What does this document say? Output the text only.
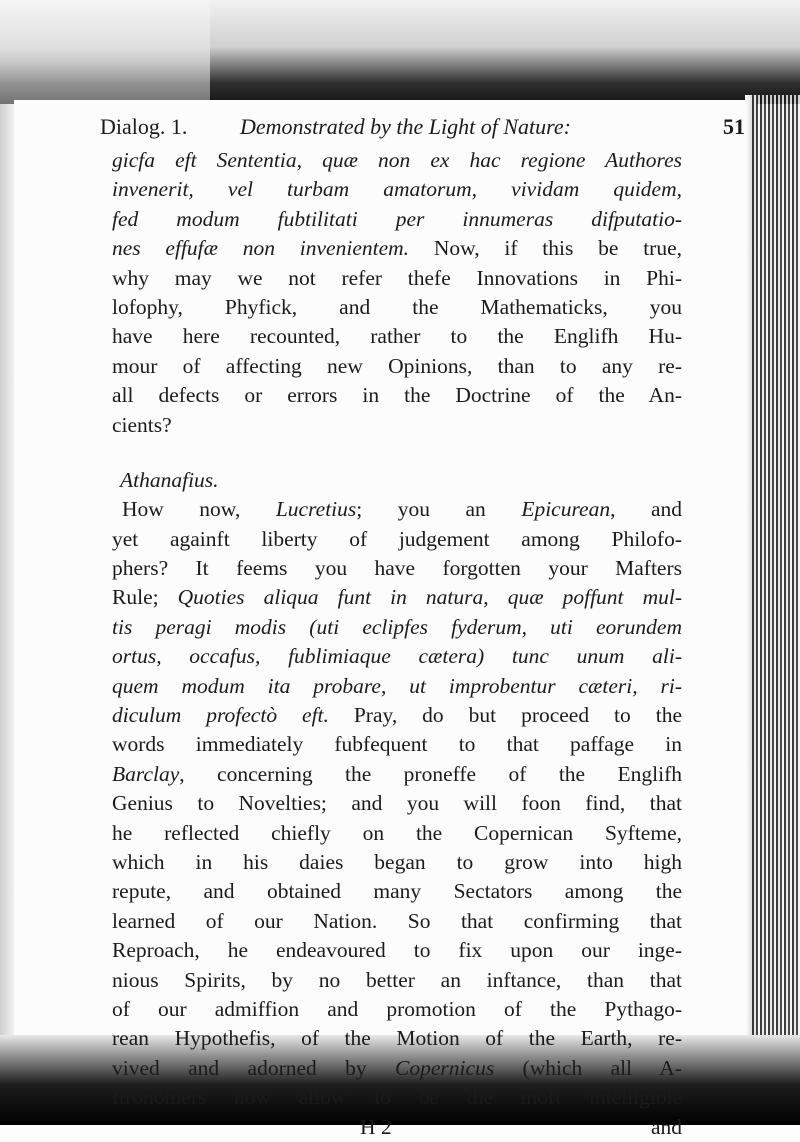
Dialog. 1. Demonstrated by the Light of Nature:	51
gicfa eft Sententia, quæ non ex hac regione Authores
invenerit, vel turbam amatorum, vividam quidem,
fed modum fubtilitati per innumeras difputatio-
nes effufæ non invenientem. Now, if this be true,
why may we not refer thefe Innovations in Phi-
lofophy, Phyfick, and the Mathematicks, you
have here recounted, rather to the Englifh Hu-
mour of affecting new Opinions, than to any re-
all defects or errors in the Doctrine of the An-
cients?
Athanafius.
How now, Lucretius; you an Epicurean, and
yet againft liberty of judgement among Philofo-
phers? It feems you have forgotten your Mafters
Rule; Quoties aliqua funt in natura, quæ poffunt mul-
tis peragi modis (uti eclipfes fyderum, uti eorundem
ortus, occafus, fublimiaque cætera) tunc unum ali-
quem modum ita probare, ut improbentur cæteri, ri-
diculum profectò eft. Pray, do but proceed to the
words immediately fubfequent to that paffage in
Barclay, concerning the proneffe of the Englifh
Genius to Novelties; and you will foon find, that
he reflected chiefly on the Copernican Syfteme,
which in his daies began to grow into high
repute, and obtained many Sectators among the
learned of our Nation. So that confirming that
Reproach, he endeavoured to fix upon our inge-
nious Spirits, by no better an inftance, than that
of our admiffion and promotion of the Pythago-
rean Hypothefis, of the Motion of the Earth, re-
vived and adorned by Copernicus (which all A-
ftronomers now allow to be the moft intelligible
H 2	and
